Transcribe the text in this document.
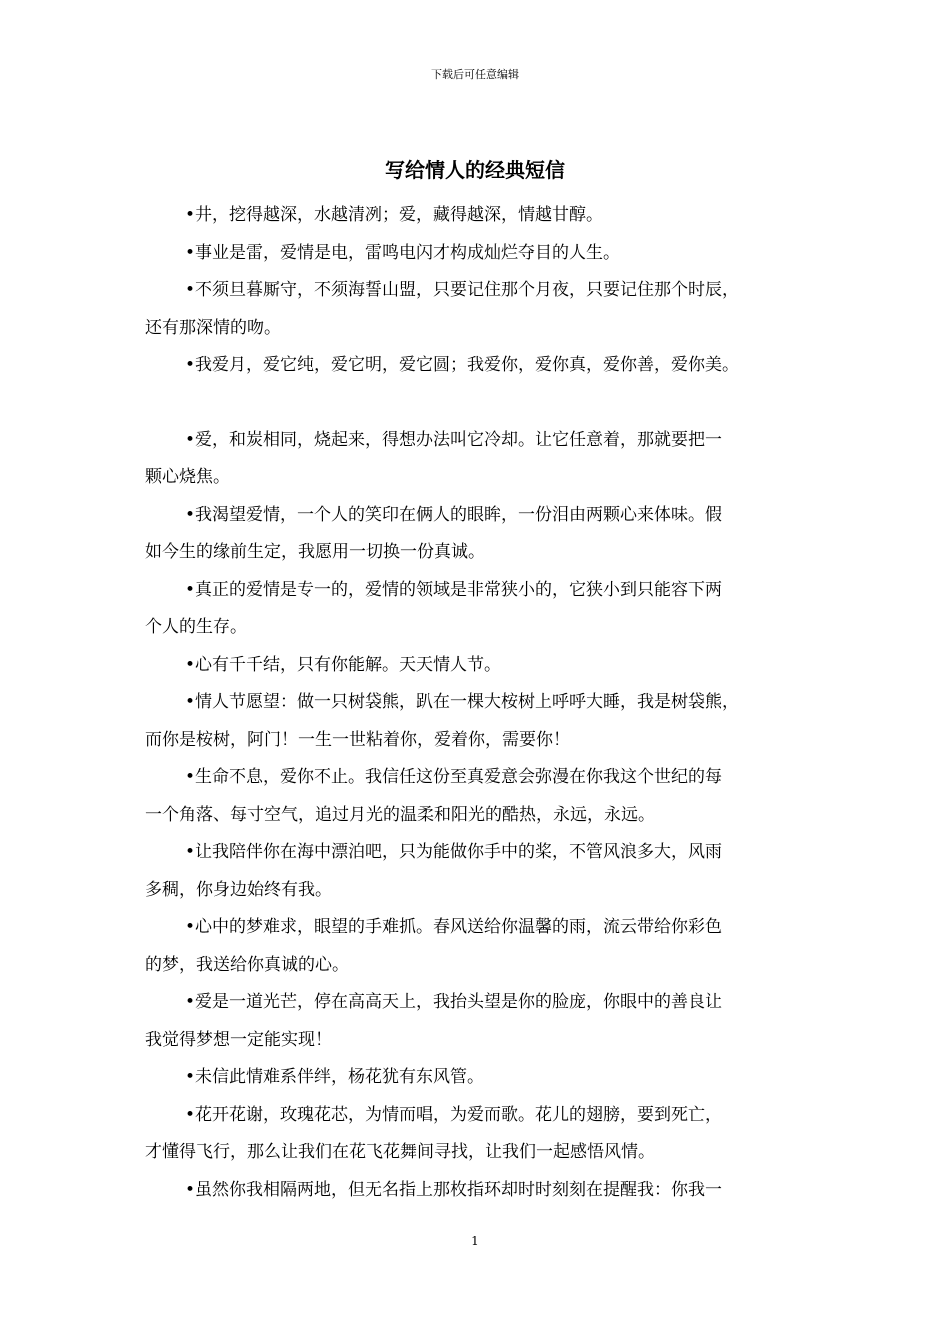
下载后可任意编辑
写给情人的经典短信

•井，挖得越深，水越清冽；爱，藏得越深，情越甘醇。

•事业是雷，爱情是电，雷鸣电闪才构成灿烂夺目的人生。

•不须旦暮厮守，不须海誓山盟，只要记住那个月夜，只要记住那个时辰，
还有那深情的吻。

•我爱月，爱它纯，爱它明，爱它圆；我爱你，爱你真，爱你善，爱你美。

•爱，和炭相同，烧起来，得想办法叫它冷却。让它任意着，那就要把一
颗心烧焦。

•我渴望爱情，一个人的笑印在俩人的眼眸，一份泪由两颗心来体味。假
如今生的缘前生定，我愿用一切换一份真诚。

•真正的爱情是专一的，爱情的领域是非常狭小的，它狭小到只能容下两
个人的生存。

•心有千千结，只有你能解。天天情人节。

•情人节愿望：做一只树袋熊，趴在一棵大桉树上呼呼大睡，我是树袋熊，
而你是桉树，阿门！一生一世粘着你，爱着你，需要你！

•生命不息，爱你不止。我信任这份至真爱意会弥漫在你我这个世纪的每
一个角落、每寸空气，追过月光的温柔和阳光的酷热，永远，永远。

•让我陪伴你在海中漂泊吧，只为能做你手中的桨，不管风浪多大，风雨
多稠，你身边始终有我。

•心中的梦难求，眼望的手难抓。春风送给你温馨的雨，流云带给你彩色
的梦，我送给你真诚的心。

•爱是一道光芒，停在高高天上，我抬头望是你的脸庞，你眼中的善良让
我觉得梦想一定能实现！

•未信此情难系伴绊，杨花犹有东风管。

•花开花谢，玫瑰花芯，为情而唱，为爱而歌。花儿的翅膀，要到死亡，
才懂得飞行，那么让我们在花飞花舞间寻找，让我们一起感悟风情。

•虽然你我相隔两地，但无名指上那枚指环却时时刻刻在提醒我：你我一

1
